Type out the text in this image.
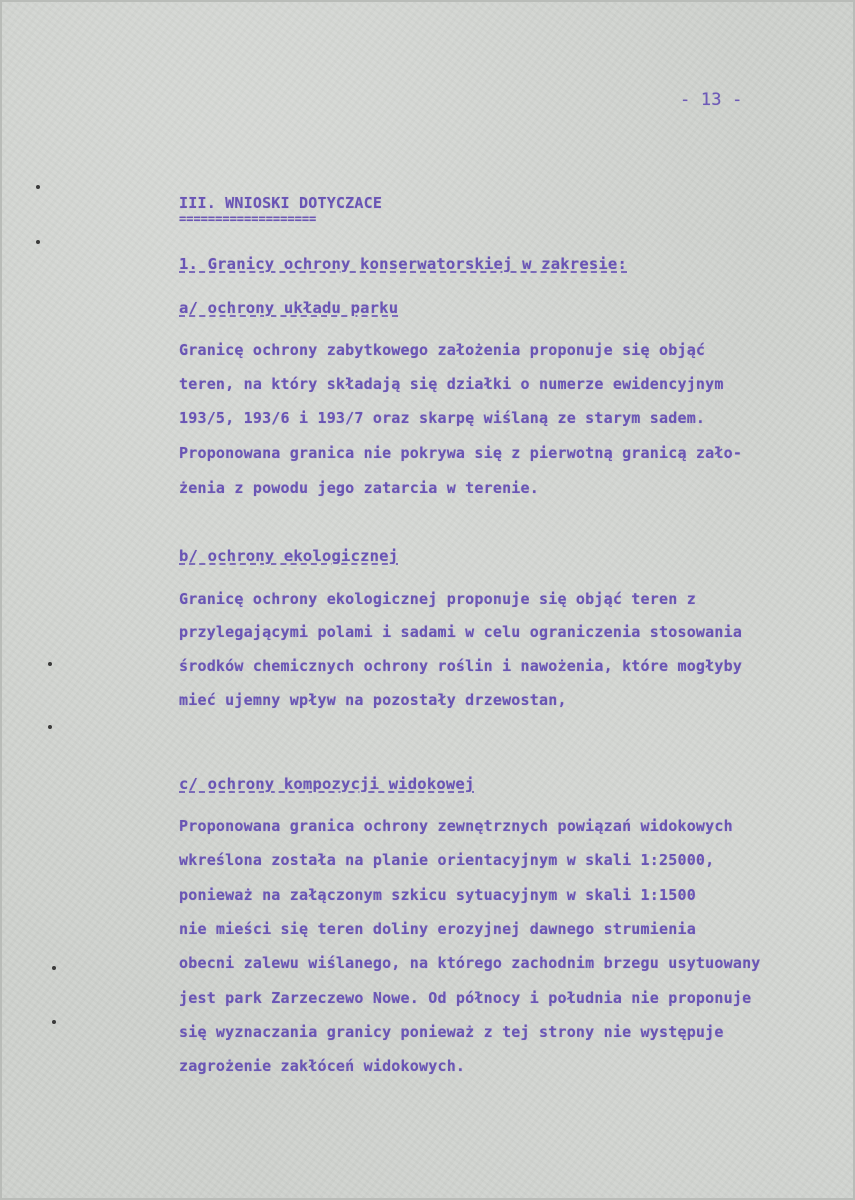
- 13 -
III. WNIOSKI DOTYCZACE
===================
1. Granicy ochrony konserwatorskiej w zakresie:
a/ ochrony układu parku
Granicę ochrony zabytkowego założenia proponuje się objąć
teren, na który składają się działki o numerze ewidencyjnym
193/5, 193/6 i 193/7 oraz skarpę wiślaną ze starym sadem.
Proponowana granica nie pokrywa się z pierwotną granicą zało-
żenia z powodu jego zatarcia w terenie.
b/ ochrony ekologicznej
Granicę ochrony ekologicznej proponuje się objąć teren z
przylegającymi polami i sadami w celu ograniczenia stosowania
środków chemicznych ochrony roślin i nawożenia, które mogłyby
mieć ujemny wpływ na pozostały drzewostan,
c/ ochrony kompozycji widokowej
Proponowana granica ochrony zewnętrznych powiązań widokowych
wkreślona została na planie orientacyjnym w skali 1:25000,
ponieważ na załączonym szkicu sytuacyjnym w skali 1:1500
nie mieści się teren doliny erozyjnej dawnego strumienia
obecni zalewu wiślanego, na którego zachodnim brzegu usytuowany
jest park Zarzeczewo Nowe. Od północy i południa nie proponuje
się wyznaczania granicy ponieważ z tej strony nie występuje
zagrożenie zakłóceń widokowych.
